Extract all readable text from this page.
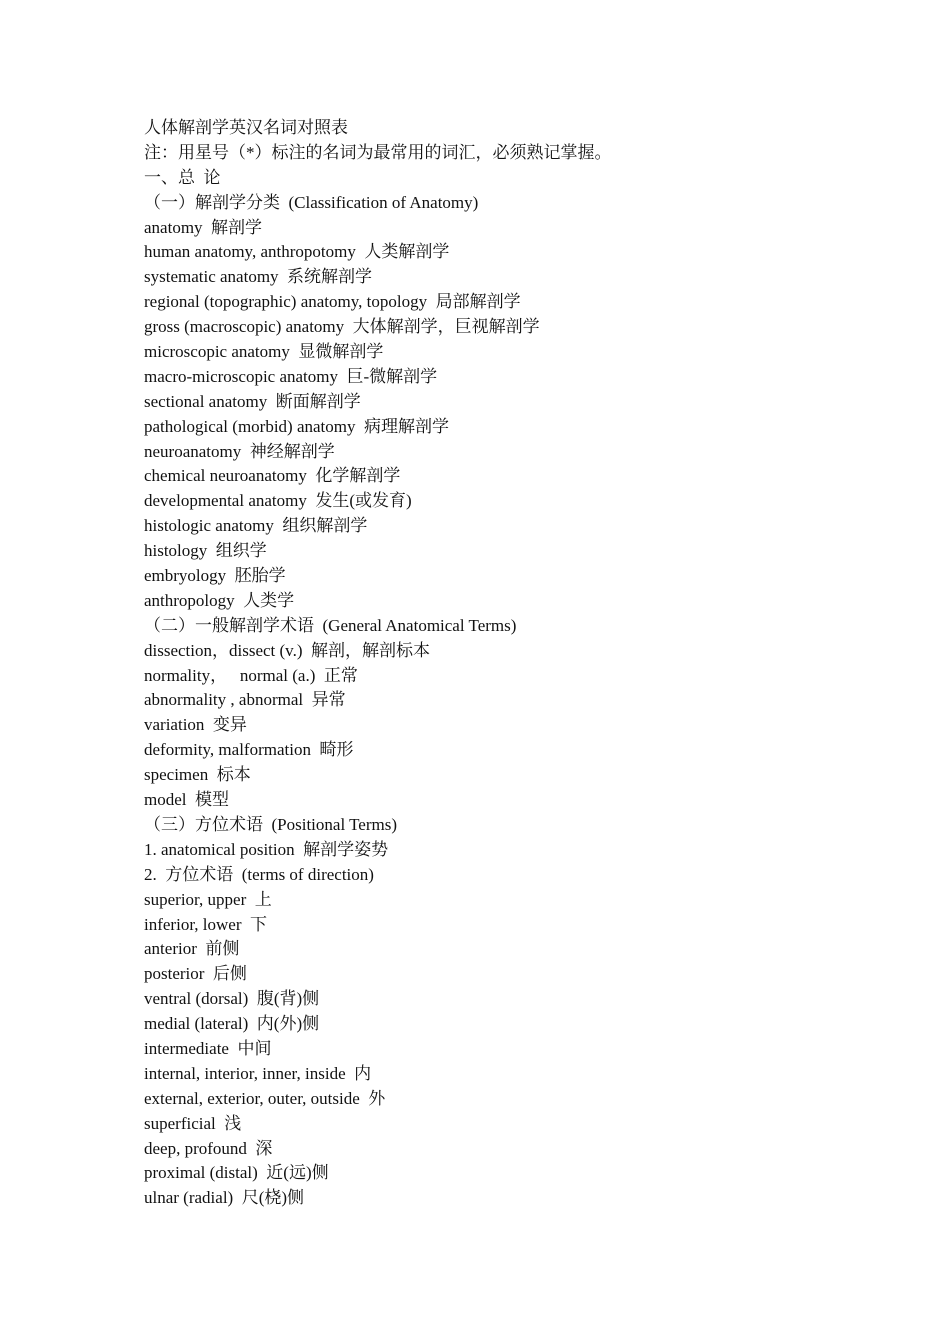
人体解剖学英汉名词对照表
注：用星号（*）标注的名词为最常用的词汇，必须熟记掌握。
一、总  论
（一）解剖学分类  (Classification of Anatomy)
anatomy  解剖学
human anatomy, anthropotomy  人类解剖学
systematic anatomy  系统解剖学
regional (topographic) anatomy, topology  局部解剖学
gross (macroscopic) anatomy  大体解剖学，巨视解剖学
microscopic anatomy  显微解剖学
macro-microscopic anatomy  巨-微解剖学
sectional anatomy  断面解剖学
pathological (morbid) anatomy  病理解剖学
neuroanatomy  神经解剖学
chemical neuroanatomy  化学解剖学
developmental anatomy  发生(或发育)
histologic anatomy  组织解剖学
histology  组织学
embryology  胚胎学
anthropology  人类学
（二）一般解剖学术语  (General Anatomical Terms)
dissection，dissect (v.)  解剖，解剖标本
normality，   normal (a.)  正常
abnormality , abnormal  异常
variation  变异
deformity, malformation  畸形
specimen  标本
model  模型
（三）方位术语  (Positional Terms)
1. anatomical position  解剖学姿势
2.  方位术语  (terms of direction)
superior, upper  上
inferior, lower  下
anterior  前侧
posterior  后侧
ventral (dorsal)  腹(背)侧
medial (lateral)  内(外)侧
intermediate  中间
internal, interior, inner, inside  内
external, exterior, outer, outside  外
superficial  浅
deep, profound  深
proximal (distal)  近(远)侧
ulnar (radial)  尺(桡)侧
